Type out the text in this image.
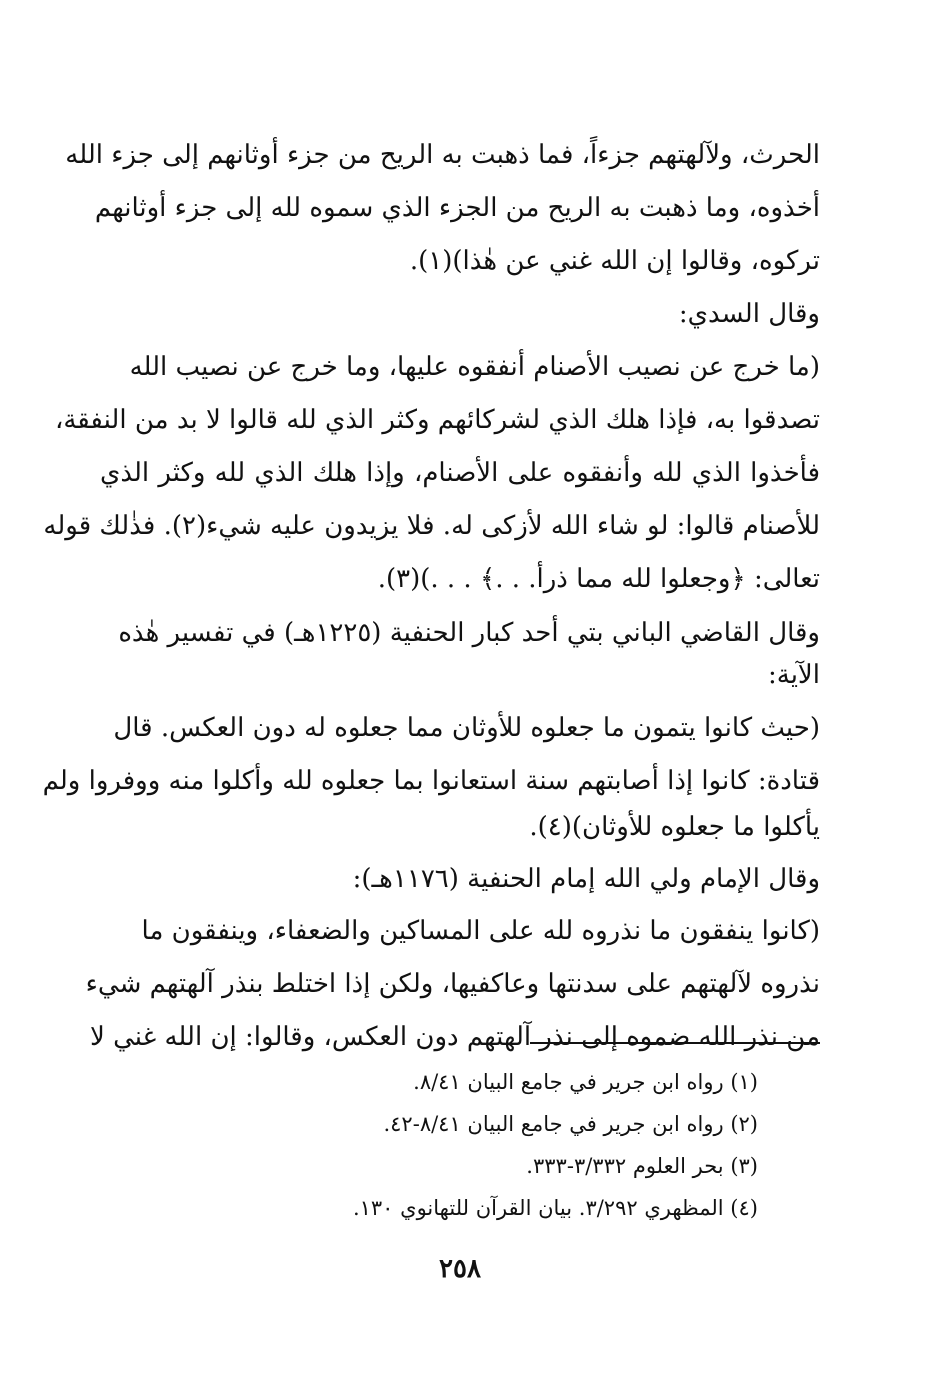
الحرث، ولآلهتهم جزءاً، فما ذهبت به الريح من جزء أوثانهم إلى جزء الله
أخذوه، وما ذهبت به الريح من الجزء الذي سموه لله إلى جزء أوثانهم
تركوه، وقالوا إن الله غني عن هٰذا)(١).
وقال السدي:
(ما خرج عن نصيب الأصنام أنفقوه عليها، وما خرج عن نصيب الله
تصدقوا به، فإذا هلك الذي لشركائهم وكثر الذي لله قالوا لا بد من النفقة،
فأخذوا الذي لله وأنفقوه على الأصنام، وإذا هلك الذي لله وكثر الذي
للأصنام قالوا: لو شاء الله لأزكى له. فلا يزيدون عليه شيء(٢). فذٰلك قوله
تعالى: ﴿وجعلوا لله مما ذرأ. . .﴾ . . .)(٣).
وقال القاضي الباني بتي أحد كبار الحنفية (١٢٢٥هـ) في تفسير هٰذه
الآية:
(حيث كانوا يتمون ما جعلوه للأوثان مما جعلوه له دون العكس. قال
قتادة: كانوا إذا أصابتهم سنة استعانوا بما جعلوه لله وأكلوا منه ووفروا ولم
يأكلوا ما جعلوه للأوثان)(٤).
وقال الإمام ولي الله إمام الحنفية (١١٧٦هـ):
(كانوا ينفقون ما نذروه لله على المساكين والضعفاء، وينفقون ما
نذروه لآلهتهم على سدنتها وعاكفيها، ولكن إذا اختلط بنذر آلهتهم شيء
(١) رواه ابن جرير في جامع البيان ٨/٤١.
(٢) رواه ابن جرير في جامع البيان ٨/٤١-٤٢.
(٣) بحر العلوم ٣/٣٣٢-٣٣٣.
(٤) المظهري ٣/٢٩٢. بيان القرآن للتهانوي ١٣٠.
٢٥٨
من نذر الله ضموه إلى نذر آلهتهم دون العكس، وقالوا: إن الله غني لا
